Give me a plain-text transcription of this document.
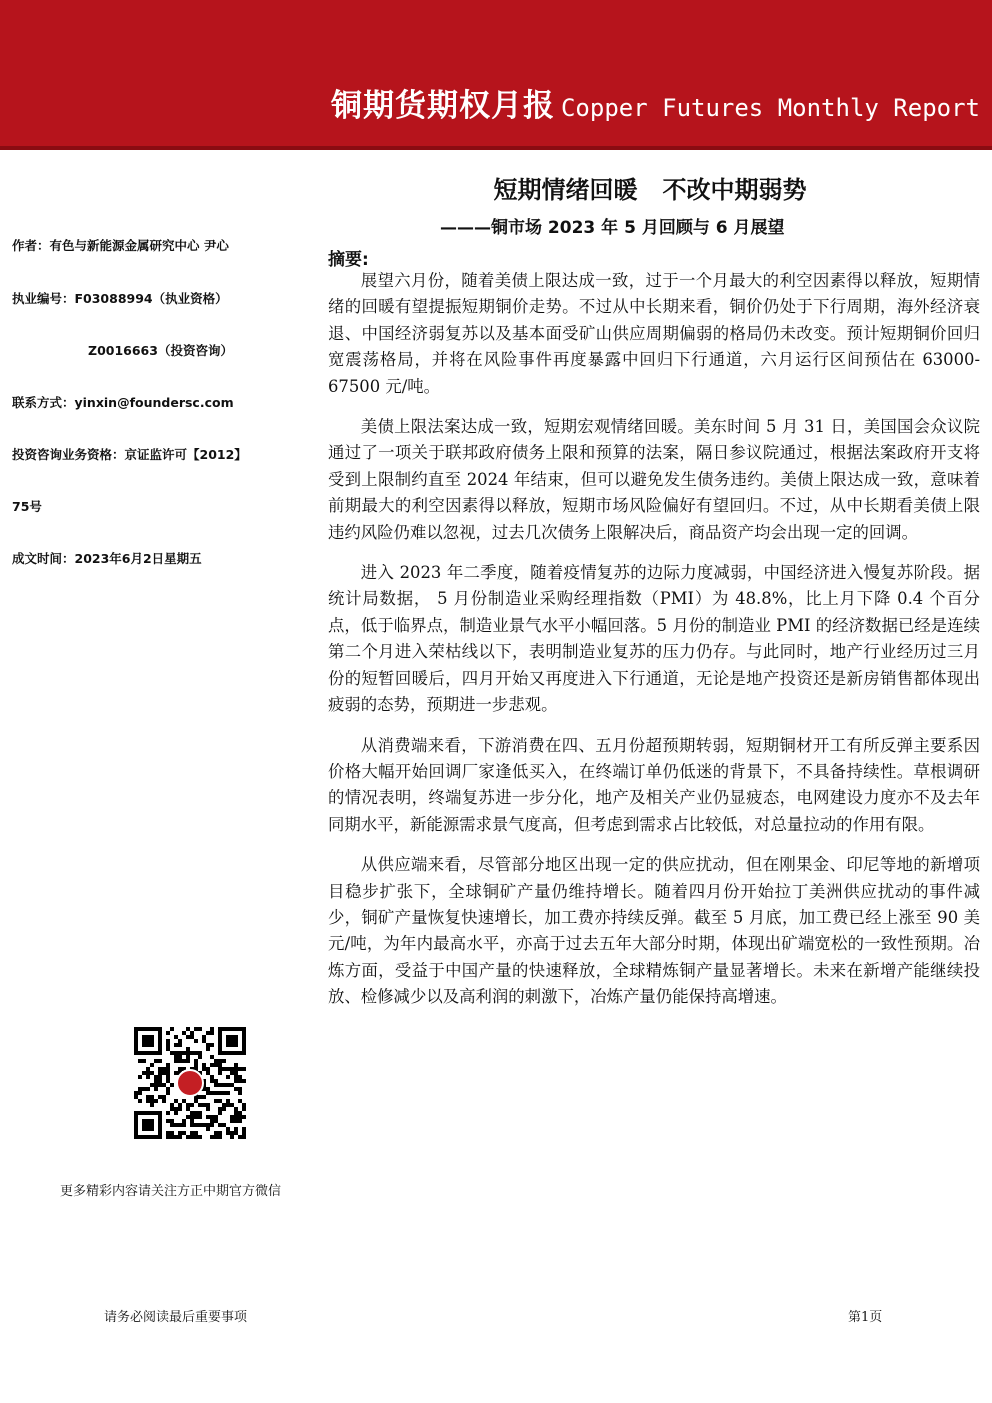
铜期货期权月报 Copper Futures Monthly Report
短期情绪回暖   不改中期弱势
———铜市场 2023 年 5 月回顾与 6 月展望
作者：有色与新能源金属研究中心 尹心
执业编号：F03088994（执业资格）
Z0016663（投资咨询）
联系方式：yinxin@foundersc.com
投资咨询业务资格：京证监许可【2012】
75号
成文时间：2023年6月2日星期五
更多精彩内容请关注方正中期官方微信
摘要:

展望六月份，随着美债上限达成一致，过于一个月最大的利空因素得以释放，短期情绪的回暖有望提振短期铜价走势。不过从中长期来看，铜价仍处于下行周期，海外经济衰退、中国经济弱复苏以及基本面受矿山供应周期偏弱的格局仍未改变。预计短期铜价回归宽震荡格局，并将在风险事件再度暴露中回归下行通道，六月运行区间预估在 63000-67500 元/吨。

美债上限法案达成一致，短期宏观情绪回暖。美东时间 5 月 31 日，美国国会众议院通过了一项关于联邦政府债务上限和预算的法案，隔日参议院通过，根据法案政府开支将受到上限制约直至 2024 年结束，但可以避免发生债务违约。美债上限达成一致，意味着前期最大的利空因素得以释放，短期市场风险偏好有望回归。不过，从中长期看美债上限违约风险仍难以忽视，过去几次债务上限解决后，商品资产均会出现一定的回调。

进入 2023 年二季度，随着疫情复苏的边际力度减弱，中国经济进入慢复苏阶段。据统计局数据， 5 月份制造业采购经理指数（PMI）为 48.8%，比上月下降 0.4 个百分点，低于临界点，制造业景气水平小幅回落。5 月份的制造业 PMI 的经济数据已经是连续第二个月进入荣枯线以下，表明制造业复苏的压力仍存。与此同时，地产行业经历过三月份的短暂回暖后，四月开始又再度进入下行通道，无论是地产投资还是新房销售都体现出疲弱的态势，预期进一步悲观。

从消费端来看，下游消费在四、五月份超预期转弱，短期铜材开工有所反弹主要系因价格大幅开始回调厂家逢低买入，在终端订单仍低迷的背景下，不具备持续性。草根调研的情况表明，终端复苏进一步分化，地产及相关产业仍显疲态，电网建设力度亦不及去年同期水平，新能源需求景气度高，但考虑到需求占比较低，对总量拉动的作用有限。

从供应端来看，尽管部分地区出现一定的供应扰动，但在刚果金、印尼等地的新增项目稳步扩张下，全球铜矿产量仍维持增长。随着四月份开始拉丁美洲供应扰动的事件减少，铜矿产量恢复快速增长，加工费亦持续反弹。截至 5 月底，加工费已经上涨至 90 美元/吨，为年内最高水平，亦高于过去五年大部分时期，体现出矿端宽松的一致性预期。冶炼方面，受益于中国产量的快速释放，全球精炼铜产量显著增长。未来在新增产能继续投放、检修减少以及高利润的刺激下，冶炼产量仍能保持高增速。

请务必阅读最后重要事项	第1页
